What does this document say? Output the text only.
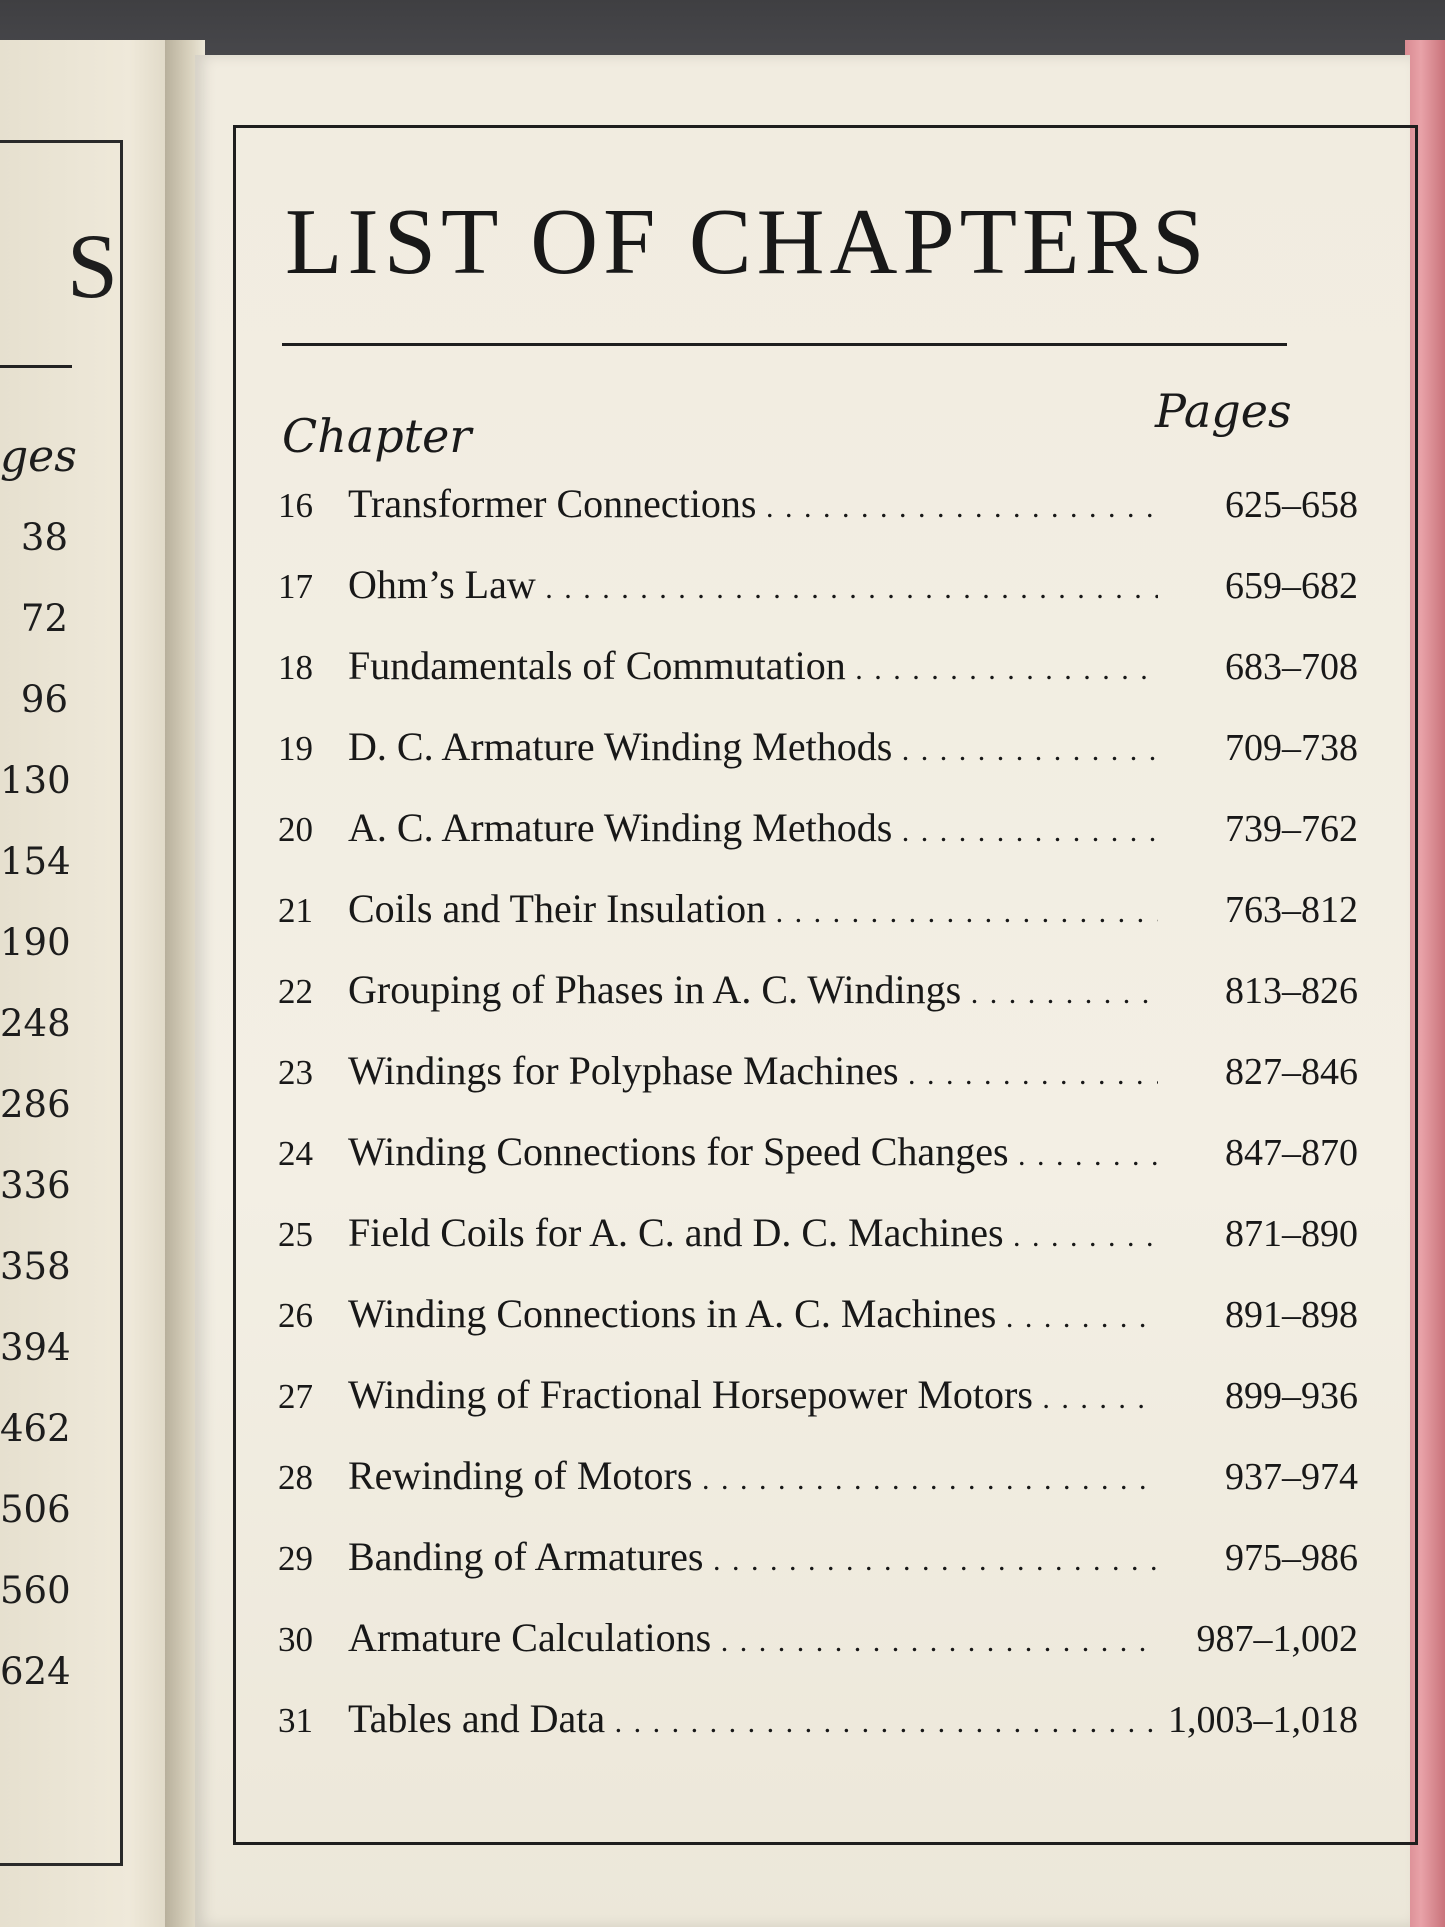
S
ges
38
72
96
130
154
190
248
286
336
358
394
462
506
560
624
LIST OF CHAPTERS
Chapter	Pages
16 Transformer Connections . . .	625–658
17 Ohm’s Law . . .	659–682
18 Fundamentals of Commutation . . .	683–708
19 D. C. Armature Winding Methods . . .	709–738
20 A. C. Armature Winding Methods . . .	739–762
21 Coils and Their Insulation . . .	763–812
22 Grouping of Phases in A. C. Windings . . .	813–826
23 Windings for Polyphase Machines . . .	827–846
24 Winding Connections for Speed Changes . . .	847–870
25 Field Coils for A. C. and D. C. Machines . . .	871–890
26 Winding Connections in A. C. Machines . . .	891–898
27 Winding of Fractional Horsepower Motors . . .	899–936
28 Rewinding of Motors . . .	937–974
29 Banding of Armatures . . .	975–986
30 Armature Calculations . . .	987–1,002
31 Tables and Data . . .	1,003–1,018
